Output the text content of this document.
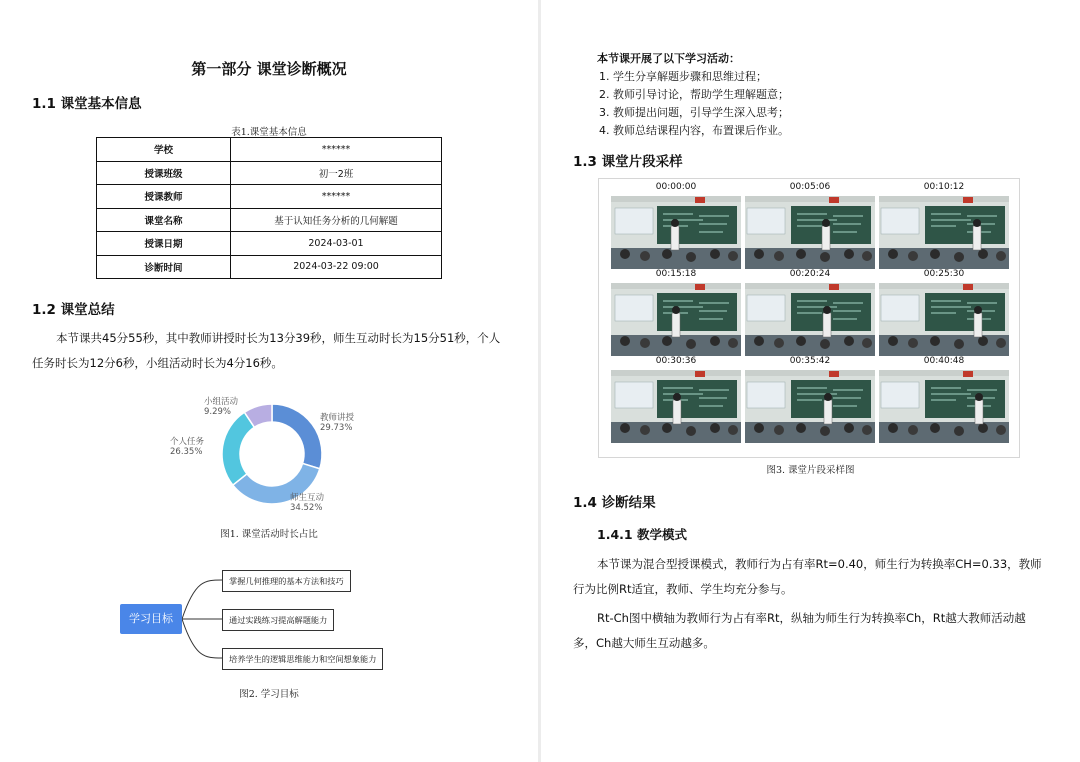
第一部分 课堂诊断概况
1.1 课堂基本信息
表1.课堂基本信息
学校	******
授课班级	初一2班
授课教师	******
课堂名称	基于认知任务分析的几何解题
授课日期	2024-03-01
诊断时间	2024-03-22 09:00
1.2 课堂总结
本节课共45分55秒，其中教师讲授时长为13分39秒，师生互动时长为15分51秒，个人
任务时长为12分6秒，小组活动时长为4分16秒。
小组活动
9.29%
教师讲授
29.73%
个人任务
26.35%
师生互动
34.52%
图1. 课堂活动时长占比
学习目标
掌握几何推理的基本方法和技巧
通过实践练习提高解题能力
培养学生的逻辑思维能力和空间想象能力
图2. 学习目标
本节课开展了以下学习活动：
1. 学生分享解题步骤和思维过程；
2. 教师引导讨论，帮助学生理解题意；
3. 教师提出问题，引导学生深入思考；
4. 教师总结课程内容，布置课后作业。
1.3 课堂片段采样
00:00:00	00:05:06	00:10:12
00:15:18	00:20:24	00:25:30
00:30:36	00:35:42	00:40:48
图3. 课堂片段采样图
1.4 诊断结果
1.4.1 教学模式
本节课为混合型授课模式，教师行为占有率Rt=0.40，师生行为转换率CH=0.33，教师
行为比例Rt适宜，教师、学生均充分参与。
Rt-Ch图中横轴为教师行为占有率Rt，纵轴为师生行为转换率Ch，Rt越大教师活动越
多，Ch越大师生互动越多。
